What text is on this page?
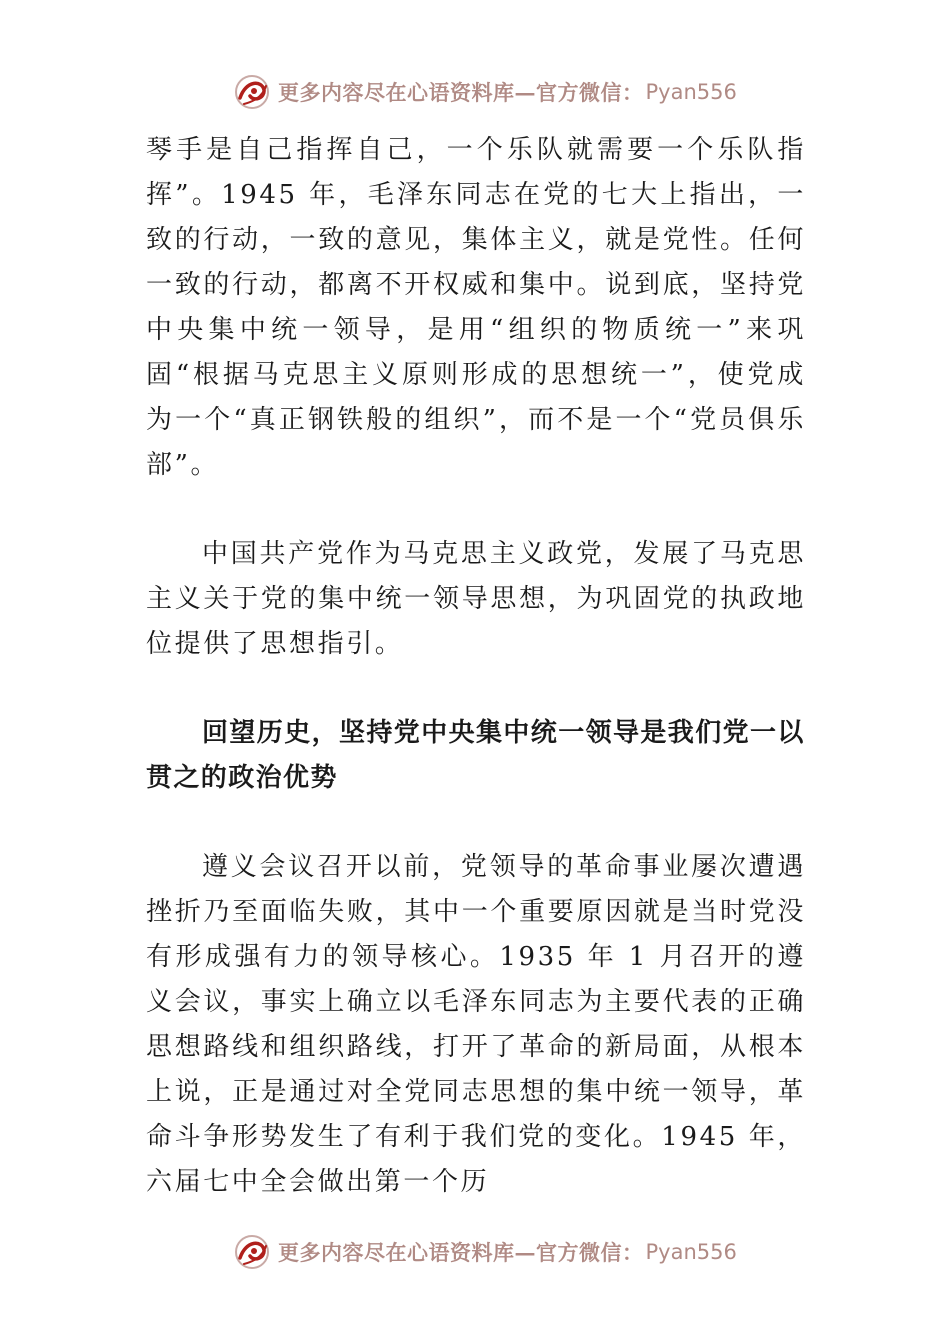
更多内容尽在心语资料库—官方微信： Pyan556

琴手是自己指挥自己，一个乐队就需要一个乐队指挥”。1945 年，毛泽东同志在党的七大上指出，一致的行动，一致的意见，集体主义，就是党性。任何一致的行动，都离不开权威和集中。说到底，坚持党中央集中统一领导，是用“组织的物质统一”来巩固“根据马克思主义原则形成的思想统一”，使党成为一个“真正钢铁般的组织”，而不是一个“党员俱乐部”。

中国共产党作为马克思主义政党，发展了马克思主义关于党的集中统一领导思想，为巩固党的执政地位提供了思想指引。

回望历史，坚持党中央集中统一领导是我们党一以贯之的政治优势

遵义会议召开以前，党领导的革命事业屡次遭遇挫折乃至面临失败，其中一个重要原因就是当时党没有形成强有力的领导核心。1935 年 1 月召开的遵义会议，事实上确立以毛泽东同志为主要代表的正确思想路线和组织路线，打开了革命的新局面，从根本上说，正是通过对全党同志思想的集中统一领导，革命斗争形势发生了有利于我们党的变化。1945 年，六届七中全会做出第一个历

更多内容尽在心语资料库—官方微信： Pyan556
